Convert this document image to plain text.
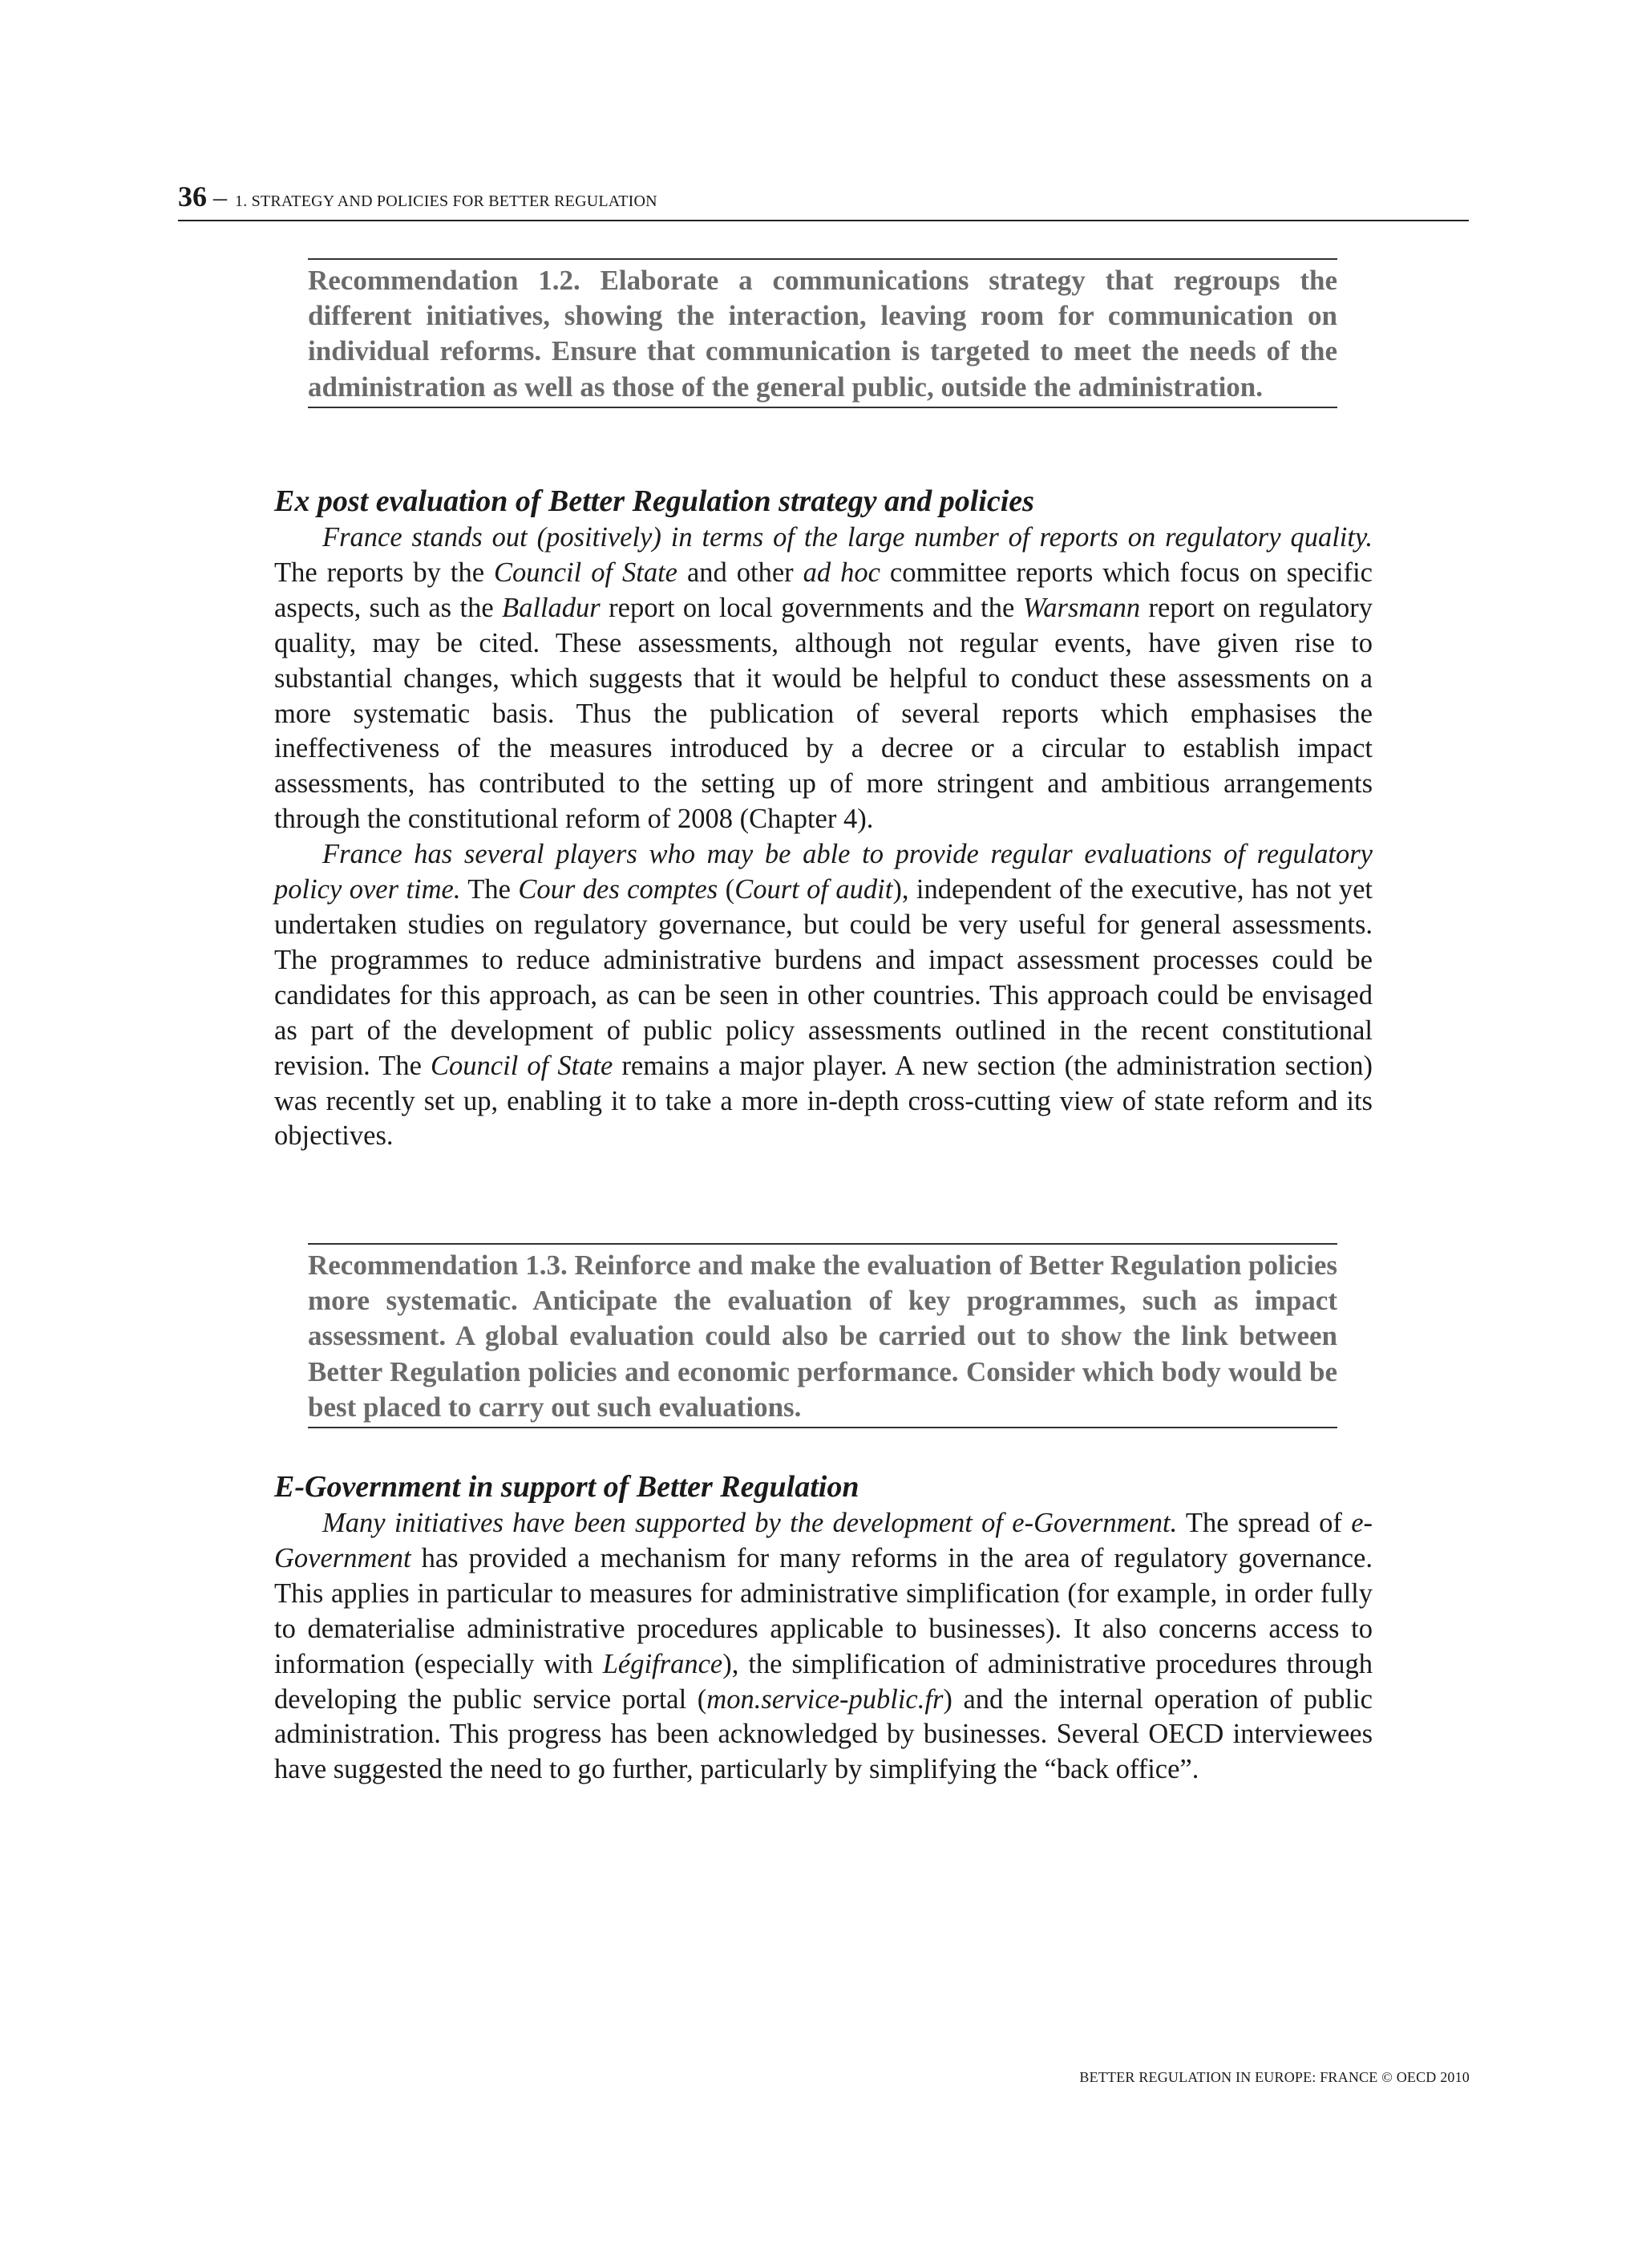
36 – 1. STRATEGY AND POLICIES FOR BETTER REGULATION

Recommendation 1.2. Elaborate a communications strategy that regroups the different initiatives, showing the interaction, leaving room for communication on individual reforms. Ensure that communication is targeted to meet the needs of the administration as well as those of the general public, outside the administration.

Ex post evaluation of Better Regulation strategy and policies

France stands out (positively) in terms of the large number of reports on regulatory quality. The reports by the Council of State and other ad hoc committee reports which focus on specific aspects, such as the Balladur report on local governments and the Warsmann report on regulatory quality, may be cited. These assessments, although not regular events, have given rise to substantial changes, which suggests that it would be helpful to conduct these assessments on a more systematic basis. Thus the publication of several reports which emphasises the ineffectiveness of the measures introduced by a decree or a circular to establish impact assessments, has contributed to the setting up of more stringent and ambitious arrangements through the constitutional reform of 2008 (Chapter 4).

France has several players who may be able to provide regular evaluations of regulatory policy over time. The Cour des comptes (Court of audit), independent of the executive, has not yet undertaken studies on regulatory governance, but could be very useful for general assessments. The programmes to reduce administrative burdens and impact assessment processes could be candidates for this approach, as can be seen in other countries. This approach could be envisaged as part of the development of public policy assessments outlined in the recent constitutional revision. The Council of State remains a major player. A new section (the administration section) was recently set up, enabling it to take a more in-depth cross-cutting view of state reform and its objectives.

Recommendation 1.3. Reinforce and make the evaluation of Better Regulation policies more systematic. Anticipate the evaluation of key programmes, such as impact assessment. A global evaluation could also be carried out to show the link between Better Regulation policies and economic performance. Consider which body would be best placed to carry out such evaluations.

E-Government in support of Better Regulation

Many initiatives have been supported by the development of e-Government. The spread of e-Government has provided a mechanism for many reforms in the area of regulatory governance. This applies in particular to measures for administrative simplification (for example, in order fully to dematerialise administrative procedures applicable to businesses). It also concerns access to information (especially with Légifrance), the simplification of administrative procedures through developing the public service portal (mon.service-public.fr) and the internal operation of public administration. This progress has been acknowledged by businesses. Several OECD interviewees have suggested the need to go further, particularly by simplifying the “back office”.

BETTER REGULATION IN EUROPE: FRANCE © OECD 2010
